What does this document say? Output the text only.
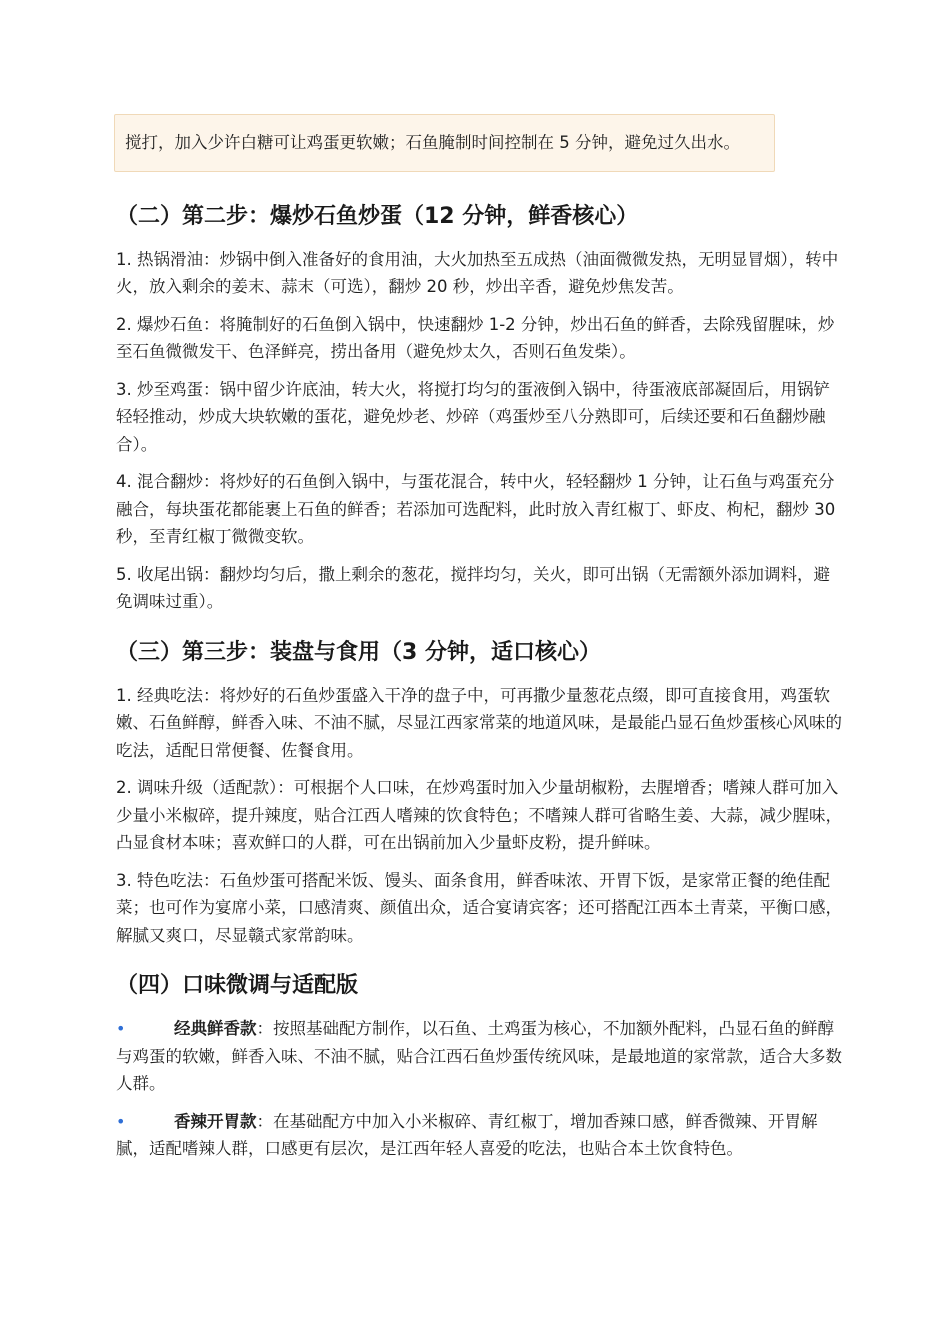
搅打，加入少许白糖可让鸡蛋更软嫩；石鱼腌制时间控制在 5 分钟，避免过久出水。

（二）第二步：爆炒石鱼炒蛋（12 分钟，鲜香核心）

1. 热锅滑油：炒锅中倒入准备好的食用油，大火加热至五成热（油面微微发热，无明显冒烟），转中火，放入剩余的姜末、蒜末（可选），翻炒 20 秒，炒出辛香，避免炒焦发苦。

2. 爆炒石鱼：将腌制好的石鱼倒入锅中，快速翻炒 1-2 分钟，炒出石鱼的鲜香，去除残留腥味，炒至石鱼微微发干、色泽鲜亮，捞出备用（避免炒太久，否则石鱼发柴）。

3. 炒至鸡蛋：锅中留少许底油，转大火，将搅打均匀的蛋液倒入锅中，待蛋液底部凝固后，用锅铲轻轻推动，炒成大块软嫩的蛋花，避免炒老、炒碎（鸡蛋炒至八分熟即可，后续还要和石鱼翻炒融合）。

4. 混合翻炒：将炒好的石鱼倒入锅中，与蛋花混合，转中火，轻轻翻炒 1 分钟，让石鱼与鸡蛋充分融合，每块蛋花都能裹上石鱼的鲜香；若添加可选配料，此时放入青红椒丁、虾皮、枸杞，翻炒 30 秒，至青红椒丁微微变软。

5. 收尾出锅：翻炒均匀后，撒上剩余的葱花，搅拌均匀，关火，即可出锅（无需额外添加调料，避免调味过重）。

（三）第三步：装盘与食用（3 分钟，适口核心）

1. 经典吃法：将炒好的石鱼炒蛋盛入干净的盘子中，可再撒少量葱花点缀，即可直接食用，鸡蛋软嫩、石鱼鲜醇，鲜香入味、不油不腻，尽显江西家常菜的地道风味，是最能凸显石鱼炒蛋核心风味的吃法，适配日常便餐、佐餐食用。

2. 调味升级（适配款）：可根据个人口味，在炒鸡蛋时加入少量胡椒粉，去腥增香；嗜辣人群可加入少量小米椒碎，提升辣度，贴合江西人嗜辣的饮食特色；不嗜辣人群可省略生姜、大蒜，减少腥味，凸显食材本味；喜欢鲜口的人群，可在出锅前加入少量虾皮粉，提升鲜味。

3. 特色吃法：石鱼炒蛋可搭配米饭、馒头、面条食用，鲜香味浓、开胃下饭，是家常正餐的绝佳配菜；也可作为宴席小菜，口感清爽、颜值出众，适合宴请宾客；还可搭配江西本土青菜，平衡口感，解腻又爽口，尽显赣式家常韵味。

（四）口味微调与适配版

•	经典鲜香款：按照基础配方制作，以石鱼、土鸡蛋为核心，不加额外配料，凸显石鱼的鲜醇与鸡蛋的软嫩，鲜香入味、不油不腻，贴合江西石鱼炒蛋传统风味，是最地道的家常款，适合大多数人群。

•	香辣开胃款：在基础配方中加入小米椒碎、青红椒丁，增加香辣口感，鲜香微辣、开胃解腻，适配嗜辣人群，口感更有层次，是江西年轻人喜爱的吃法，也贴合本土饮食特色。
